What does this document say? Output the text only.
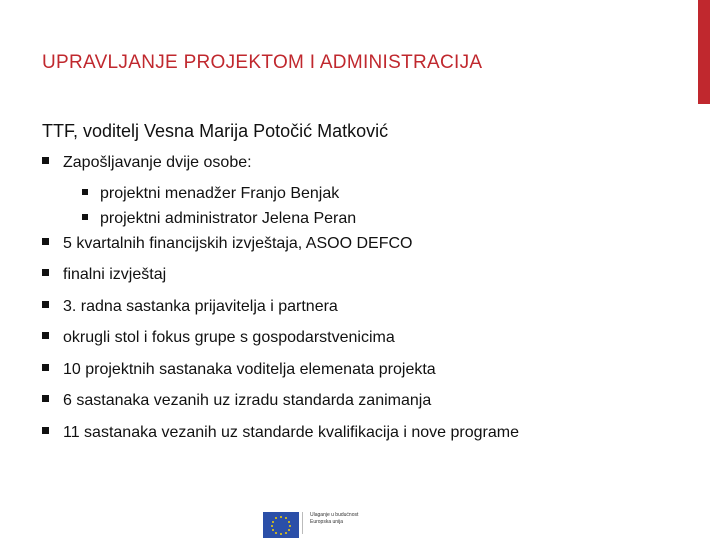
UPRAVLJANJE PROJEKTOM I ADMINISTRACIJA
TTF, voditelj Vesna Marija Potočić Matković
Zapošljavanje dvije osobe:
projektni menadžer Franjo Benjak
projektni administrator Jelena Peran
5 kvartalnih financijskih izvještaja, ASOO DEFCO
finalni izvještaj
3. radna sastanka prijavitelja i partnera
okrugli stol i fokus grupe s gospodarstvenicima
10 projektnih sastanaka voditelja elemenata projekta
6 sastanaka vezanih uz izradu standarda zanimanja
11 sastanaka vezanih uz standarde kvalifikacija i nove programe
Ulaganje u budućnost
Europska unija
